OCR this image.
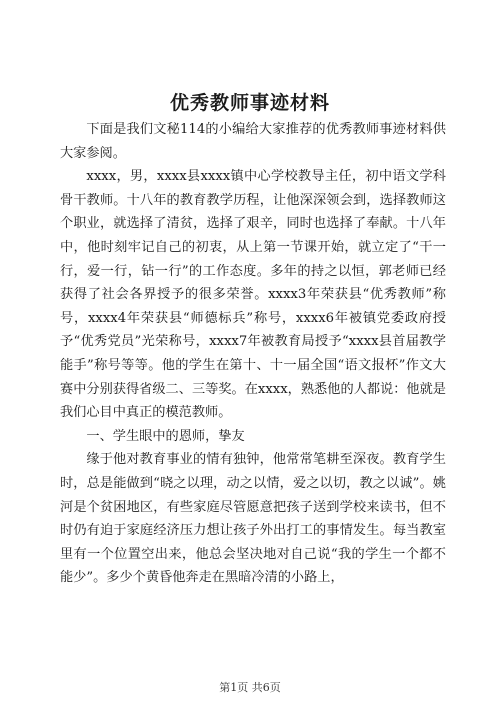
优秀教师事迹材料

下面是我们文秘114的小编给大家推荐的优秀教师事迹材料供大家参阅。

xxxx，男，xxxx县xxxx镇中心学校教导主任，初中语文学科骨干教师。十八年的教育教学历程，让他深深领会到，选择教师这个职业，就选择了清贫，选择了艰辛，同时也选择了奉献。十八年中，他时刻牢记自己的初衷，从上第一节课开始，就立定了“干一行，爱一行，钻一行”的工作态度。多年的持之以恒，郭老师已经获得了社会各界授予的很多荣誉。xxxx3年荣获县“优秀教师”称号，xxxx4年荣获县“师德标兵”称号，xxxx6年被镇党委政府授予“优秀党员”光荣称号，xxxx7年被教育局授予“xxxx县首届教学能手”称号等等。他的学生在第十、十一届全国“语文报杯”作文大赛中分别获得省级二、三等奖。在xxxx，熟悉他的人都说：他就是我们心目中真正的模范教师。

一、学生眼中的恩师，挚友

缘于他对教育事业的情有独钟，他常常笔耕至深夜。教育学生时，总是能做到“晓之以理，动之以情，爱之以切，教之以诚”。姚河是个贫困地区，有些家庭尽管愿意把孩子送到学校来读书，但不时仍有迫于家庭经济压力想让孩子外出打工的事情发生。每当教室里有一个位置空出来，他总会坚决地对自己说“我的学生一个都不能少”。多少个黄昏他奔走在黑暗冷清的小路上，

第1页 共6页
